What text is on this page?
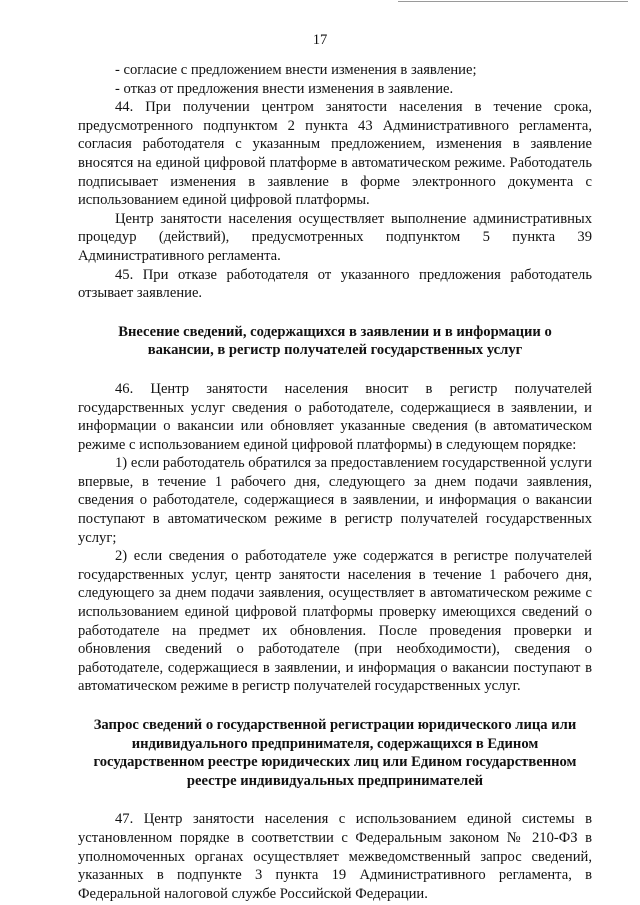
17

- согласие с предложением внести изменения в заявление;

- отказ от предложения внести изменения в заявление.

44. При получении центром занятости населения в течение срока, предусмотренного подпунктом 2 пункта 43 Административного регламента, согласия работодателя с указанным предложением, изменения в заявление вносятся на единой цифровой платформе в автоматическом режиме. Работодатель подписывает изменения в заявление в форме электронного документа с использованием единой цифровой платформы.

Центр занятости населения осуществляет выполнение административных процедур (действий), предусмотренных подпунктом 5 пункта 39 Административного регламента.

45. При отказе работодателя от указанного предложения работодатель отзывает заявление.

Внесение сведений, содержащихся в заявлении и в информации о вакансии, в регистр получателей государственных услуг

46. Центр занятости населения вносит в регистр получателей государственных услуг сведения о работодателе, содержащиеся в заявлении, и информации о вакансии или обновляет указанные сведения (в автоматическом режиме с использованием единой цифровой платформы) в следующем порядке:

1) если работодатель обратился за предоставлением государственной услуги впервые, в течение 1 рабочего дня, следующего за днем подачи заявления, сведения о работодателе, содержащиеся в заявлении, и информация о вакансии поступают в автоматическом режиме в регистр получателей государственных услуг;

2) если сведения о работодателе уже содержатся в регистре получателей государственных услуг, центр занятости населения в течение 1 рабочего дня, следующего за днем подачи заявления, осуществляет в автоматическом режиме с использованием единой цифровой платформы проверку имеющихся сведений о работодателе на предмет их обновления. После проведения проверки и обновления сведений о работодателе (при необходимости), сведения о работодателе, содержащиеся в заявлении, и информация о вакансии поступают в автоматическом режиме в регистр получателей государственных услуг.

Запрос сведений о государственной регистрации юридического лица или индивидуального предпринимателя, содержащихся в Едином государственном реестре юридических лиц или Едином государственном реестре индивидуальных предпринимателей

47. Центр занятости населения с использованием единой системы в установленном порядке в соответствии с Федеральным законом № 210-ФЗ в уполномоченных органах осуществляет межведомственный запрос сведений, указанных в подпункте 3 пункта 19 Административного регламента, в Федеральной налоговой службе Российской Федерации.
